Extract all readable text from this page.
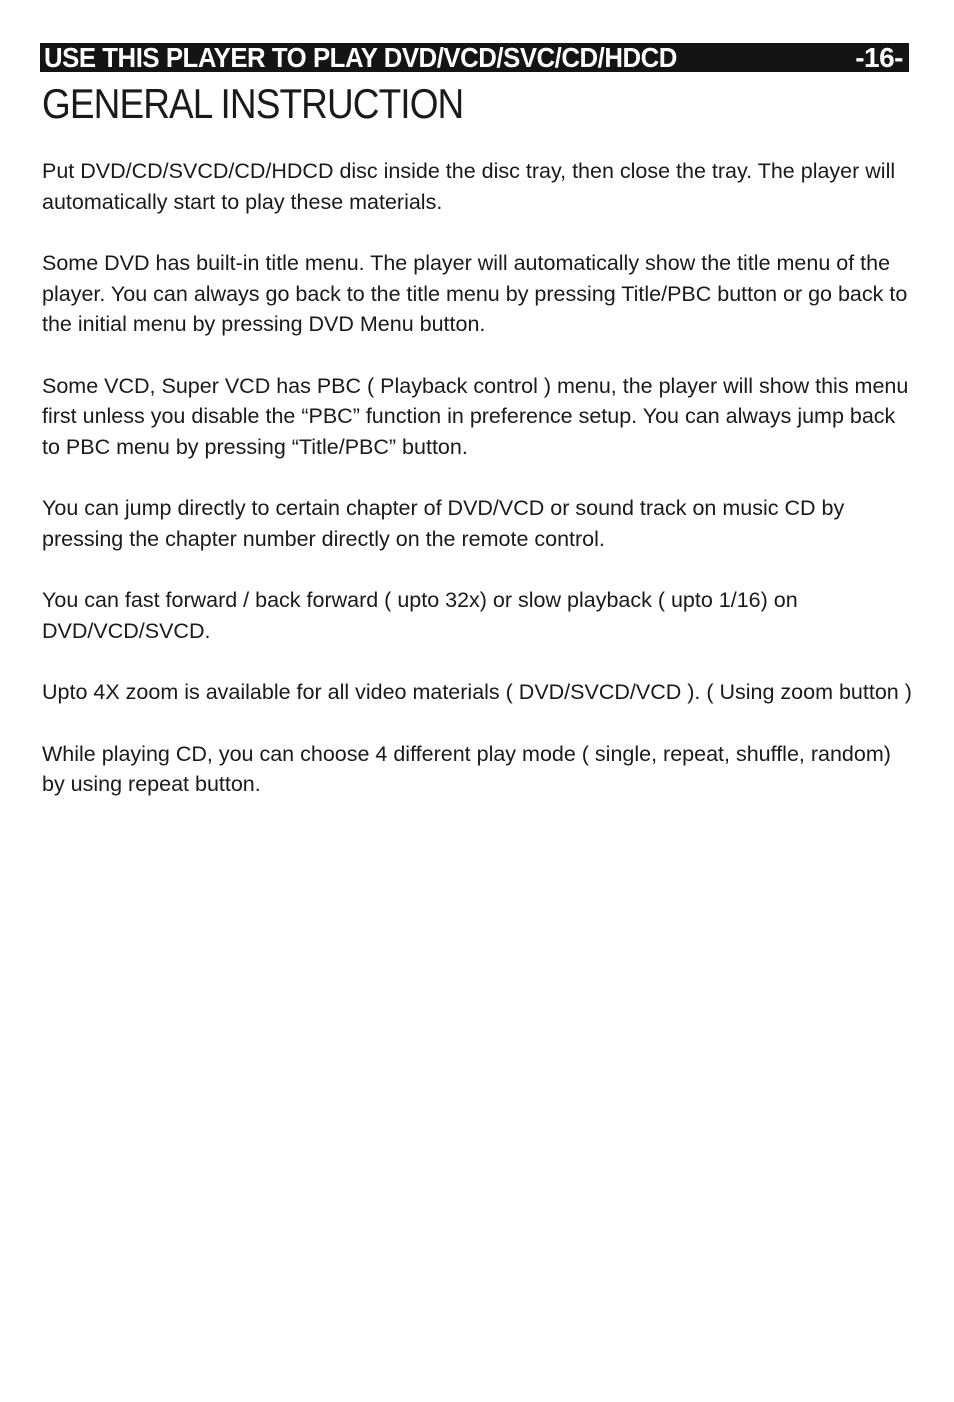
USE THIS PLAYER TO PLAY DVD/VCD/SVC/CD/HDCD	-16-
GENERAL INSTRUCTION

Put DVD/CD/SVCD/CD/HDCD disc inside the disc tray, then close the tray. The player will automatically start to play these materials.

Some DVD has built-in title menu. The player will automatically show the title menu of the player. You can always go back to the title menu by pressing Title/PBC button or go back to the initial menu by pressing DVD Menu button.

Some VCD, Super VCD has PBC ( Playback control ) menu, the player will show this menu first unless you disable the “PBC” function in preference setup. You can always jump back to PBC menu by pressing “Title/PBC” button.

You can jump directly to certain chapter of DVD/VCD or sound track on music CD by pressing the chapter number directly on the remote control.

You can fast forward / back forward ( upto 32x) or slow playback ( upto 1/16) on DVD/VCD/SVCD.

Upto 4X zoom is available for all video materials ( DVD/SVCD/VCD ). ( Using zoom button )

While playing CD, you can choose 4 different play mode ( single, repeat, shuffle, random) by using repeat button.
